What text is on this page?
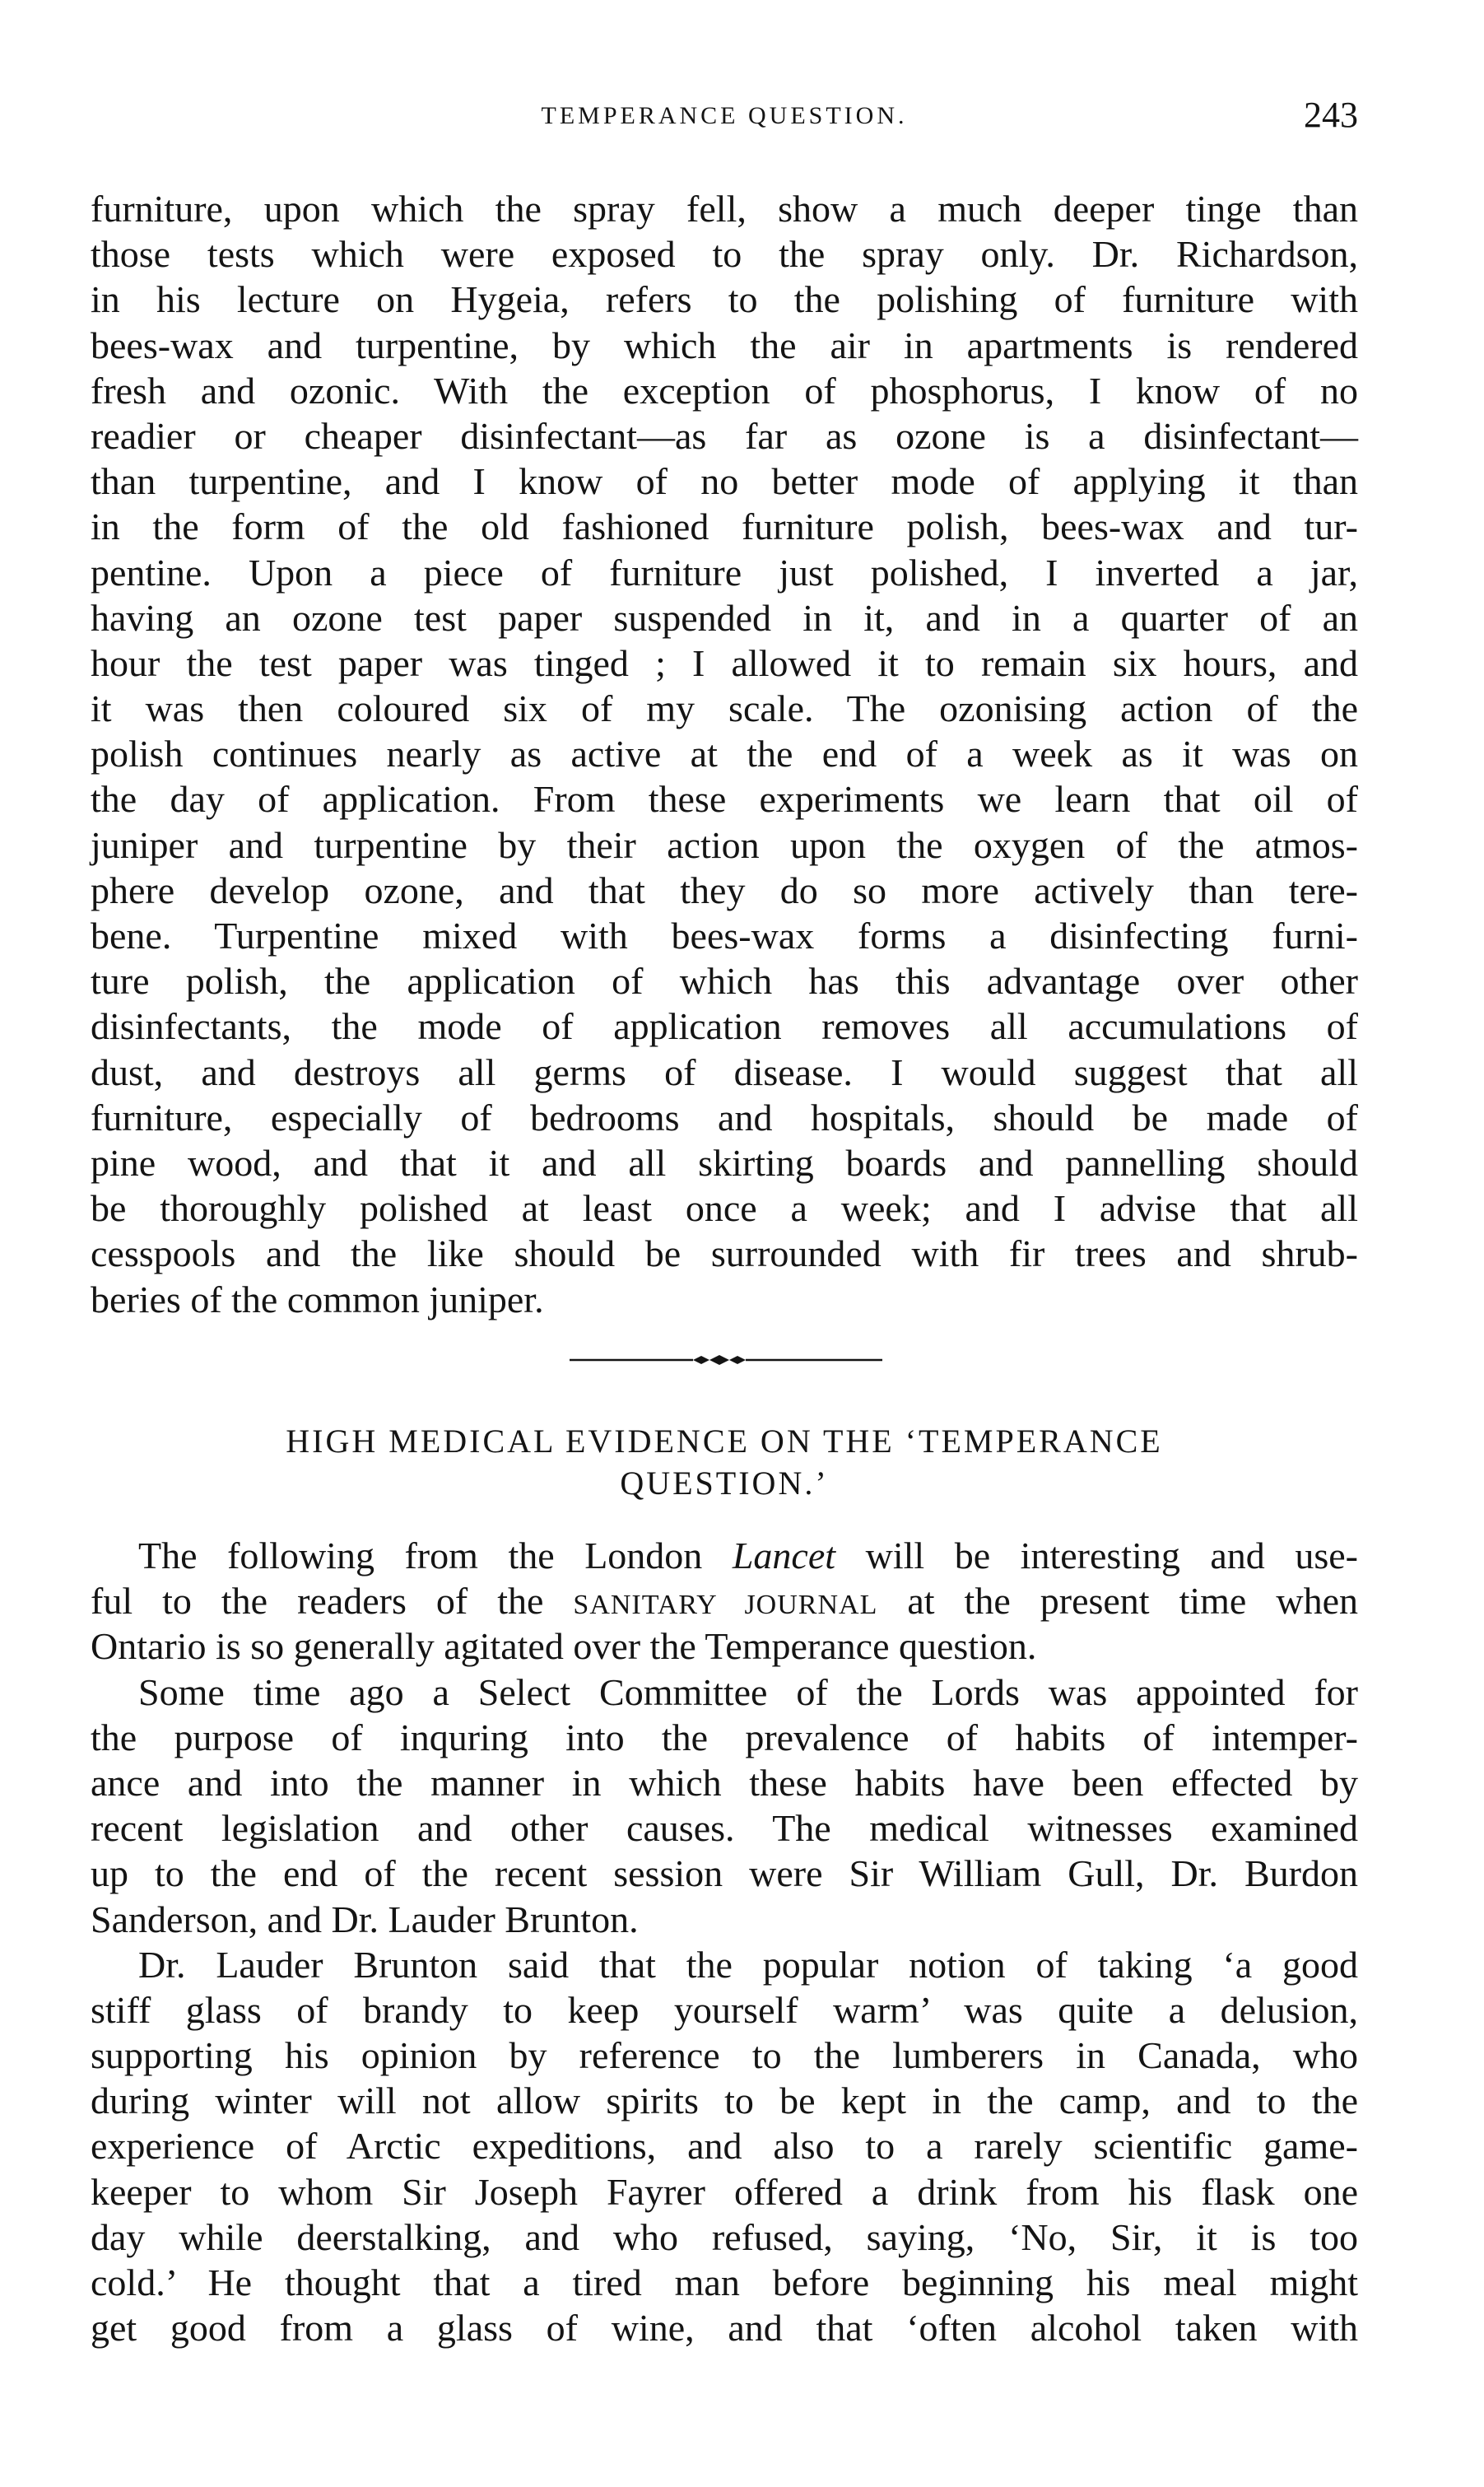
TEMPERANCE QUESTION.	243
furniture, upon which the spray fell, show a much deeper tinge than
those tests which were exposed to the spray only. Dr. Richardson,
in his lecture on Hygeia, refers to the polishing of furniture with
bees-wax and turpentine, by which the air in apartments is rendered
fresh and ozonic. With the exception of phosphorus, I know of no
readier or cheaper disinfectant—as far as ozone is a disinfectant—
than turpentine, and I know of no better mode of applying it than
in the form of the old fashioned furniture polish, bees-wax and tur-
pentine. Upon a piece of furniture just polished, I inverted a jar,
having an ozone test paper suspended in it, and in a quarter of an
hour the test paper was tinged ; I allowed it to remain six hours, and
it was then coloured six of my scale. The ozonising action of the
polish continues nearly as active at the end of a week as it was on
the day of application. From these experiments we learn that oil of
juniper and turpentine by their action upon the oxygen of the atmos-
phere develop ozone, and that they do so more actively than tere-
bene. Turpentine mixed with bees-wax forms a disinfecting furni-
ture polish, the application of which has this advantage over other
disinfectants, the mode of application removes all accumulations of
dust, and destroys all germs of disease. I would suggest that all
furniture, especially of bedrooms and hospitals, should be made of
pine wood, and that it and all skirting boards and pannelling should
be thoroughly polished at least once a week; and I advise that all
cesspools and the like should be surrounded with fir trees and shrub-
beries of the common juniper.
HIGH MEDICAL EVIDENCE ON THE ‘TEMPERANCE
QUESTION.’
The following from the London Lancet will be interesting and use-
ful to the readers of the SANITARY JOURNAL at the present time when
Ontario is so generally agitated over the Temperance question.
Some time ago a Select Committee of the Lords was appointed for
the purpose of inquring into the prevalence of habits of intemper-
ance and into the manner in which these habits have been effected by
recent legislation and other causes. The medical witnesses examined
up to the end of the recent session were Sir William Gull, Dr. Burdon
Sanderson, and Dr. Lauder Brunton.
Dr. Lauder Brunton said that the popular notion of taking ‘a good
stiff glass of brandy to keep yourself warm’ was quite a delusion,
supporting his opinion by reference to the lumberers in Canada, who
during winter will not allow spirits to be kept in the camp, and to the
experience of Arctic expeditions, and also to a rarely scientific game-
keeper to whom Sir Joseph Fayrer offered a drink from his flask one
day while deerstalking, and who refused, saying, ‘No, Sir, it is too
cold.’ He thought that a tired man before beginning his meal might
get good from a glass of wine, and that ‘often alcohol taken with
